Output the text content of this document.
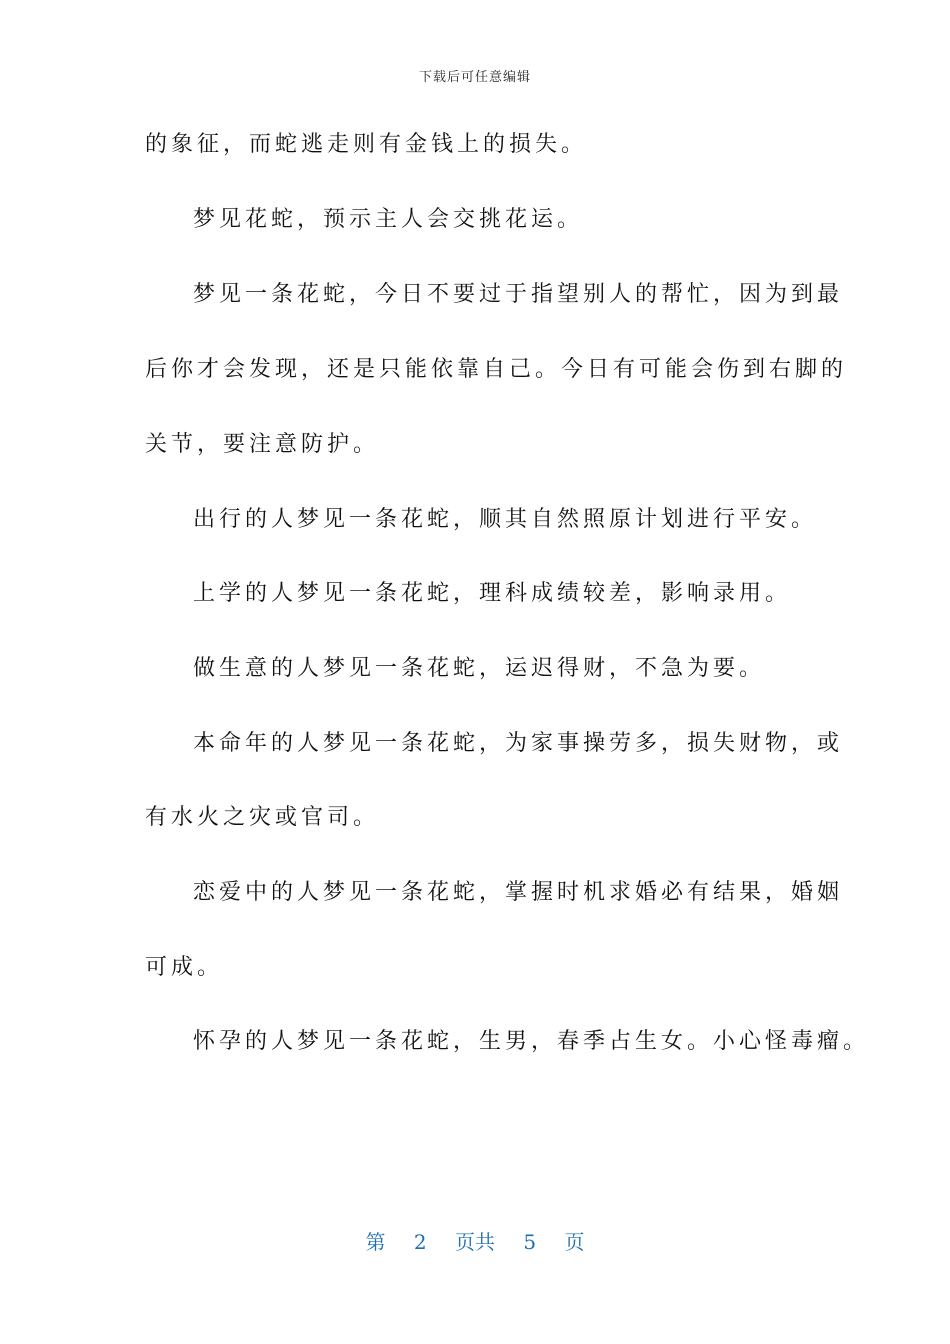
下载后可任意编辑
的象征，而蛇逃走则有金钱上的损失。
梦见花蛇，预示主人会交挑花运。
梦见一条花蛇，今日不要过于指望别人的帮忙，因为到最
后你才会发现，还是只能依靠自己。今日有可能会伤到右脚的
关节，要注意防护。
出行的人梦见一条花蛇，顺其自然照原计划进行平安。
上学的人梦见一条花蛇，理科成绩较差，影响录用。
做生意的人梦见一条花蛇，运迟得财，不急为要。
本命年的人梦见一条花蛇，为家事操劳多，损失财物，或
有水火之灾或官司。
恋爱中的人梦见一条花蛇，掌握时机求婚必有结果，婚姻
可成。
怀孕的人梦见一条花蛇，生男，春季占生女。小心怪毒瘤。
第 2 页共 5 页
